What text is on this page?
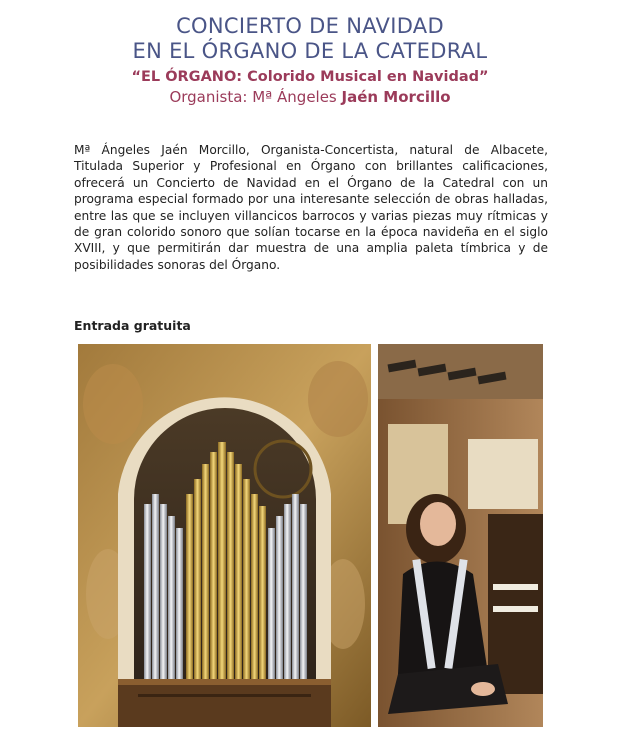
CONCIERTO DE NAVIDAD
EN EL ÓRGANO DE LA CATEDRAL
“EL ÓRGANO: Colorido Musical en Navidad”
Organista: Mª Ángeles Jaén Morcillo
Mª Ángeles Jaén Morcillo, Organista-Concertista, natural de Albacete, Titulada Superior y Profesional en Órgano con brillantes calificaciones, ofrecerá un Concierto de Navidad en el Órgano de la Catedral con un programa especial formado por una interesante selección de obras halladas, entre las que se incluyen villancicos barrocos y varias piezas muy rítmicas y de gran colorido sonoro que solían tocarse en la época navideña en el siglo XVIII, y que permitirán dar muestra de una amplia paleta tímbrica y de posibilidades sonoras del Órgano.
Entrada gratuita
